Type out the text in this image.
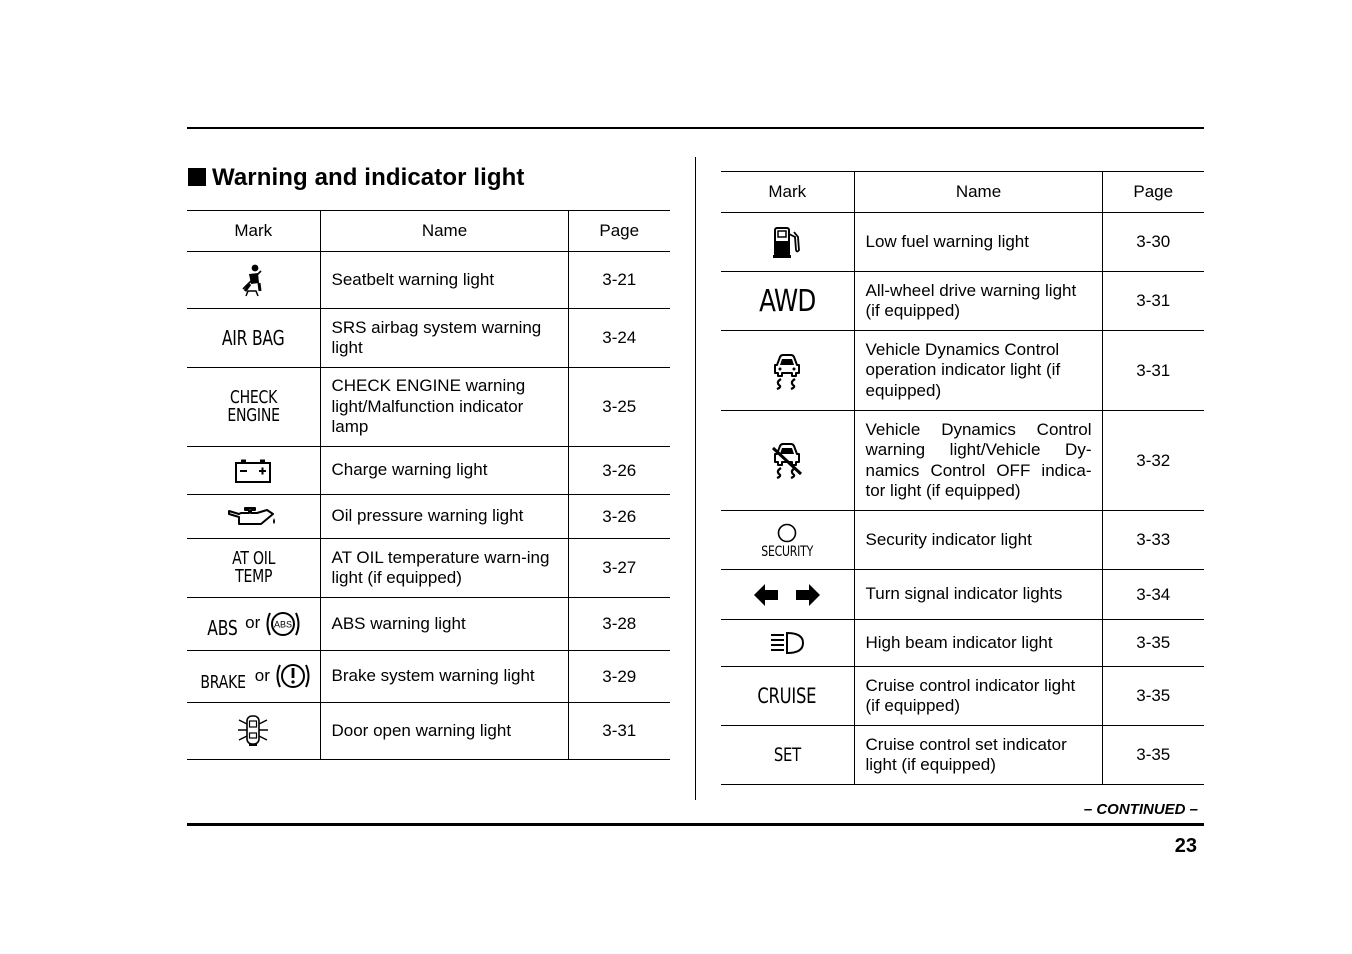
Warning and indicator light
Mark	Name	Page
	Seatbelt warning light	3-21
AIR BAG	SRS airbag system warning light	3-24
CHECK
ENGINE	CHECK ENGINE warning light/Malfunction indicator lamp	3-25
	Charge warning light	3-26
	Oil pressure warning light	3-26
AT OIL
TEMP	AT OIL temperature warn-ing light (if equipped)	3-27
ABS or ABS	ABS warning light	3-28
BRAKE or	Brake system warning light	3-29
	Door open warning light	3-31
Mark	Name	Page
	Low fuel warning light	3-30
AWD	All-wheel drive warning light (if equipped)	3-31
	Vehicle Dynamics Control operation indicator light (if equipped)	3-31
	Vehicle Dynamics Control warning light/Vehicle Dy-namics Control OFF indica-tor light (if equipped)	3-32

SECURITY	Security indicator light	3-33
	Turn signal indicator lights	3-34
	High beam indicator light	3-35
CRUISE	Cruise control indicator light (if equipped)	3-35
SET	Cruise control set indicator light (if equipped)	3-35
– CONTINUED –
23
